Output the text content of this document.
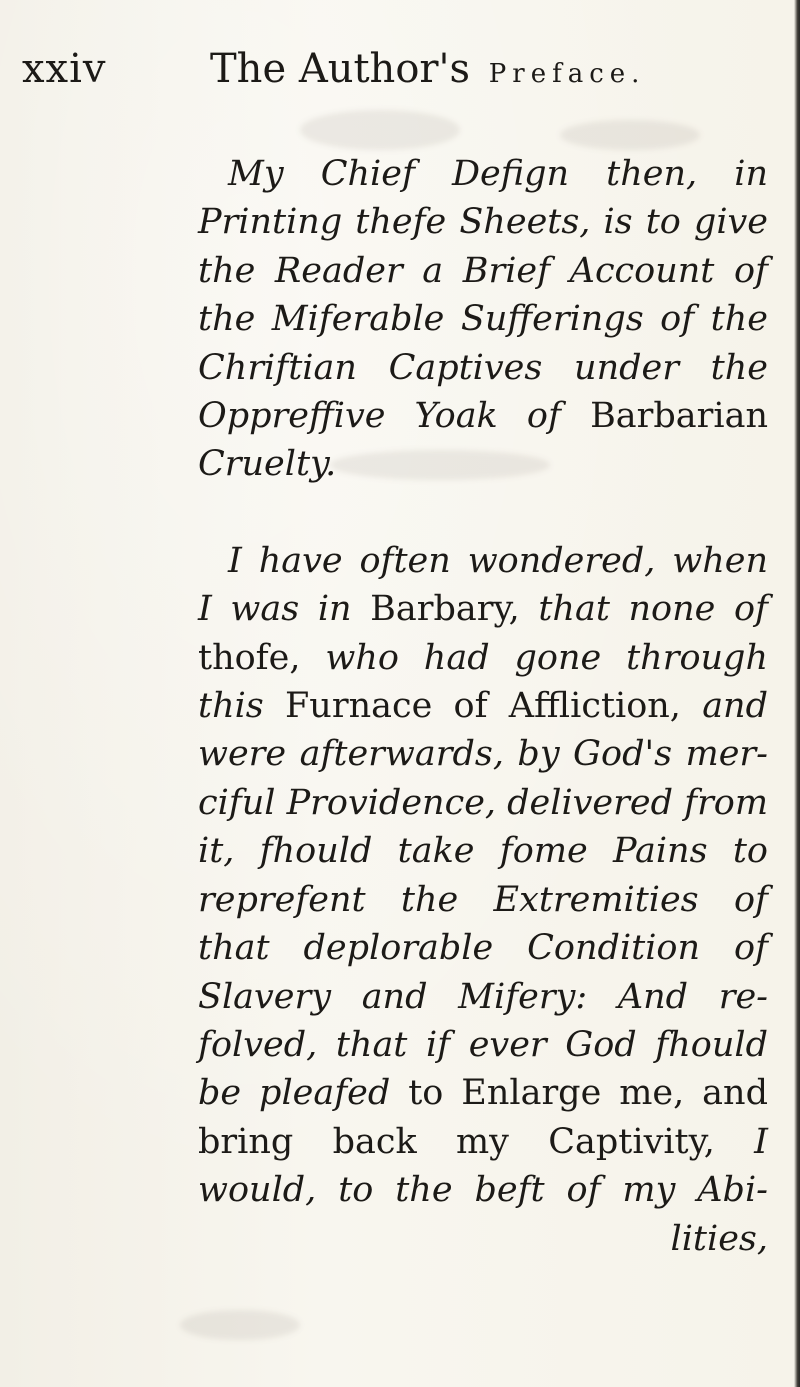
xxiv	The Author's Preface.
My Chief Defign then, in
Printing thefe Sheets, is to give
the Reader a Brief Account of
the Miferable Sufferings of the
Chriftian Captives under the
Oppreffive Yoak of Barbarian
Cruelty.
I have often wondered, when
I was in Barbary, that none of
thofe, who had gone through
this Furnace of Affliction, and
were afterwards, by God's mer-
ciful Providence, delivered from
it, fhould take fome Pains to
reprefent the Extremities of
that deplorable Condition of
Slavery and Mifery: And re-
folved, that if ever God fhould
be pleafed to Enlarge me, and
bring back my Captivity, I
would, to the beft of my Abi-
lities,
